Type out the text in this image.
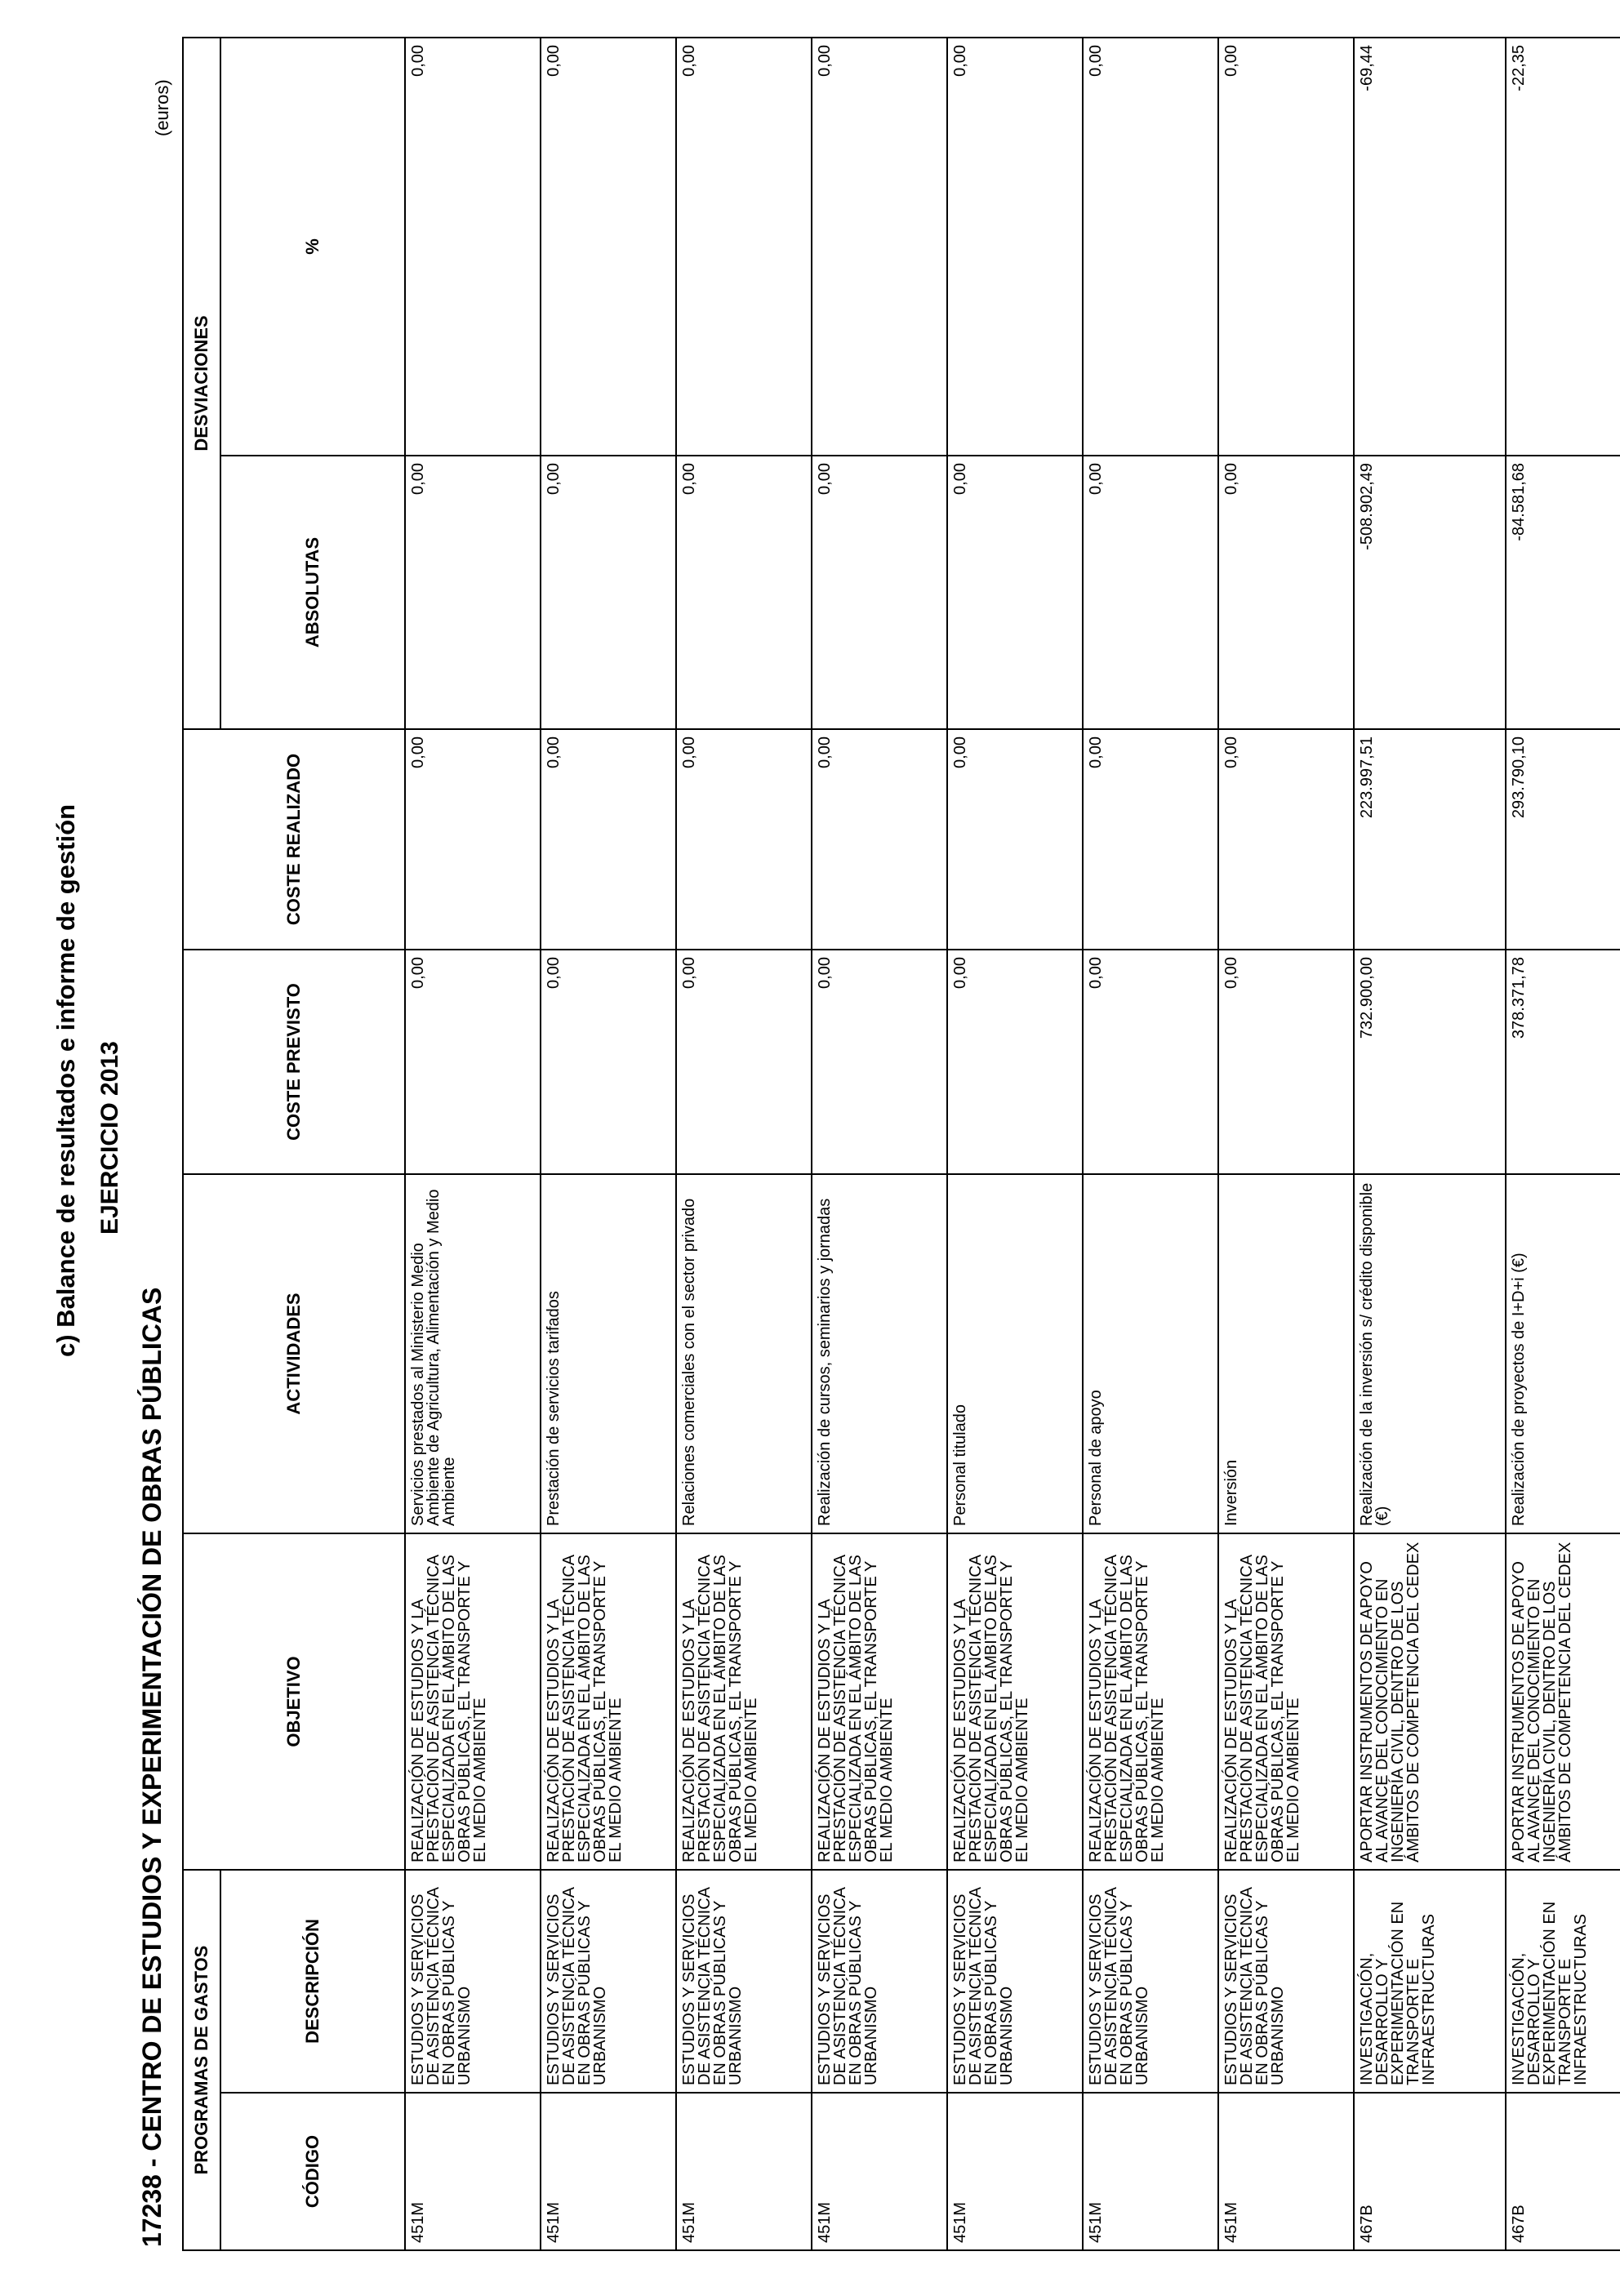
c) Balance de resultados e informe de gestión EJERCICIO 2013
17238 - CENTRO DE ESTUDIOS Y EXPERIMENTACIÓN DE OBRAS PÚBLICAS
(euros)
PROGRAMAS DE GASTOS		OBJETIVO	ACTIVIDADES	COSTE PREVISTO	COSTE REALIZADO	DESVIACIONES	
CÓDIGO	DESCRIPCIÓN					ABSOLUTAS	%
451M	ESTUDIOS Y SERVICIOS DE ASISTENCIA TÉCNICA EN OBRAS PÚBLICAS Y URBANISMO	REALIZACIÓN DE ESTUDIOS Y LA PRESTACIÓN DE ASISTENCIA TÉCNICA ESPECIALIZADA EN EL ÁMBITO DE LAS OBRAS PÚBLICAS, EL TRANSPORTE Y EL MEDIO AMBIENTE	Servicios prestados al Ministerio Medio Ambiente de Agricultura, Alimentación y Medio Ambiente	0,00	0,00	0,00	0,00
451M	ESTUDIOS Y SERVICIOS DE ASISTENCIA TÉCNICA EN OBRAS PÚBLICAS Y URBANISMO	REALIZACIÓN DE ESTUDIOS Y LA PRESTACIÓN DE ASISTENCIA TÉCNICA ESPECIALIZADA EN EL ÁMBITO DE LAS OBRAS PÚBLICAS, EL TRANSPORTE Y EL MEDIO AMBIENTE	Prestación de servicios tarifados	0,00	0,00	0,00	0,00
451M	ESTUDIOS Y SERVICIOS DE ASISTENCIA TÉCNICA EN OBRAS PÚBLICAS Y URBANISMO	REALIZACIÓN DE ESTUDIOS Y LA PRESTACIÓN DE ASISTENCIA TÉCNICA ESPECIALIZADA EN EL ÁMBITO DE LAS OBRAS PÚBLICAS, EL TRANSPORTE Y EL MEDIO AMBIENTE	Relaciones comerciales con el sector privado	0,00	0,00	0,00	0,00
451M	ESTUDIOS Y SERVICIOS DE ASISTENCIA TÉCNICA EN OBRAS PÚBLICAS Y URBANISMO	REALIZACIÓN DE ESTUDIOS Y LA PRESTACIÓN DE ASISTENCIA TÉCNICA ESPECIALIZADA EN EL ÁMBITO DE LAS OBRAS PÚBLICAS, EL TRANSPORTE Y EL MEDIO AMBIENTE	Realización de cursos, seminarios y jornadas	0,00	0,00	0,00	0,00
451M	ESTUDIOS Y SERVICIOS DE ASISTENCIA TÉCNICA EN OBRAS PÚBLICAS Y URBANISMO	REALIZACIÓN DE ESTUDIOS Y LA PRESTACIÓN DE ASISTENCIA TÉCNICA ESPECIALIZADA EN EL ÁMBITO DE LAS OBRAS PÚBLICAS, EL TRANSPORTE Y EL MEDIO AMBIENTE	Personal titulado	0,00	0,00	0,00	0,00
451M	ESTUDIOS Y SERVICIOS DE ASISTENCIA TÉCNICA EN OBRAS PÚBLICAS Y URBANISMO	REALIZACIÓN DE ESTUDIOS Y LA PRESTACIÓN DE ASISTENCIA TÉCNICA ESPECIALIZADA EN EL ÁMBITO DE LAS OBRAS PÚBLICAS, EL TRANSPORTE Y EL MEDIO AMBIENTE	Personal de apoyo	0,00	0,00	0,00	0,00
451M	ESTUDIOS Y SERVICIOS DE ASISTENCIA TÉCNICA EN OBRAS PÚBLICAS Y URBANISMO	REALIZACIÓN DE ESTUDIOS Y LA PRESTACIÓN DE ASISTENCIA TÉCNICA ESPECIALIZADA EN EL ÁMBITO DE LAS OBRAS PÚBLICAS, EL TRANSPORTE Y EL MEDIO AMBIENTE	Inversión	0,00	0,00	0,00	0,00
467B	INVESTIGACIÓN, DESARROLLO Y EXPERIMENTACIÓN EN TRANSPORTE E INFRAESTRUCTURAS	APORTAR INSTRUMENTOS DE APOYO AL AVANCE DEL CONOCIMIENTO EN INGENIERÍA CIVIL, DENTRO DE LOS ÁMBITOS DE COMPETENCIA DEL CEDEX	Realización de la inversión s/ crédito disponible (€)	732.900,00	223.997,51	-508.902,49	-69,44
467B	INVESTIGACIÓN, DESARROLLO Y EXPERIMENTACIÓN EN TRANSPORTE E INFRAESTRUCTURAS	APORTAR INSTRUMENTOS DE APOYO AL AVANCE DEL CONOCIMIENTO EN INGENIERÍA CIVIL, DENTRO DE LOS ÁMBITOS DE COMPETENCIA DEL CEDEX	Realización de proyectos de I+D+i (€)	378.371,78	293.790,10	-84.581,68	-22,35
